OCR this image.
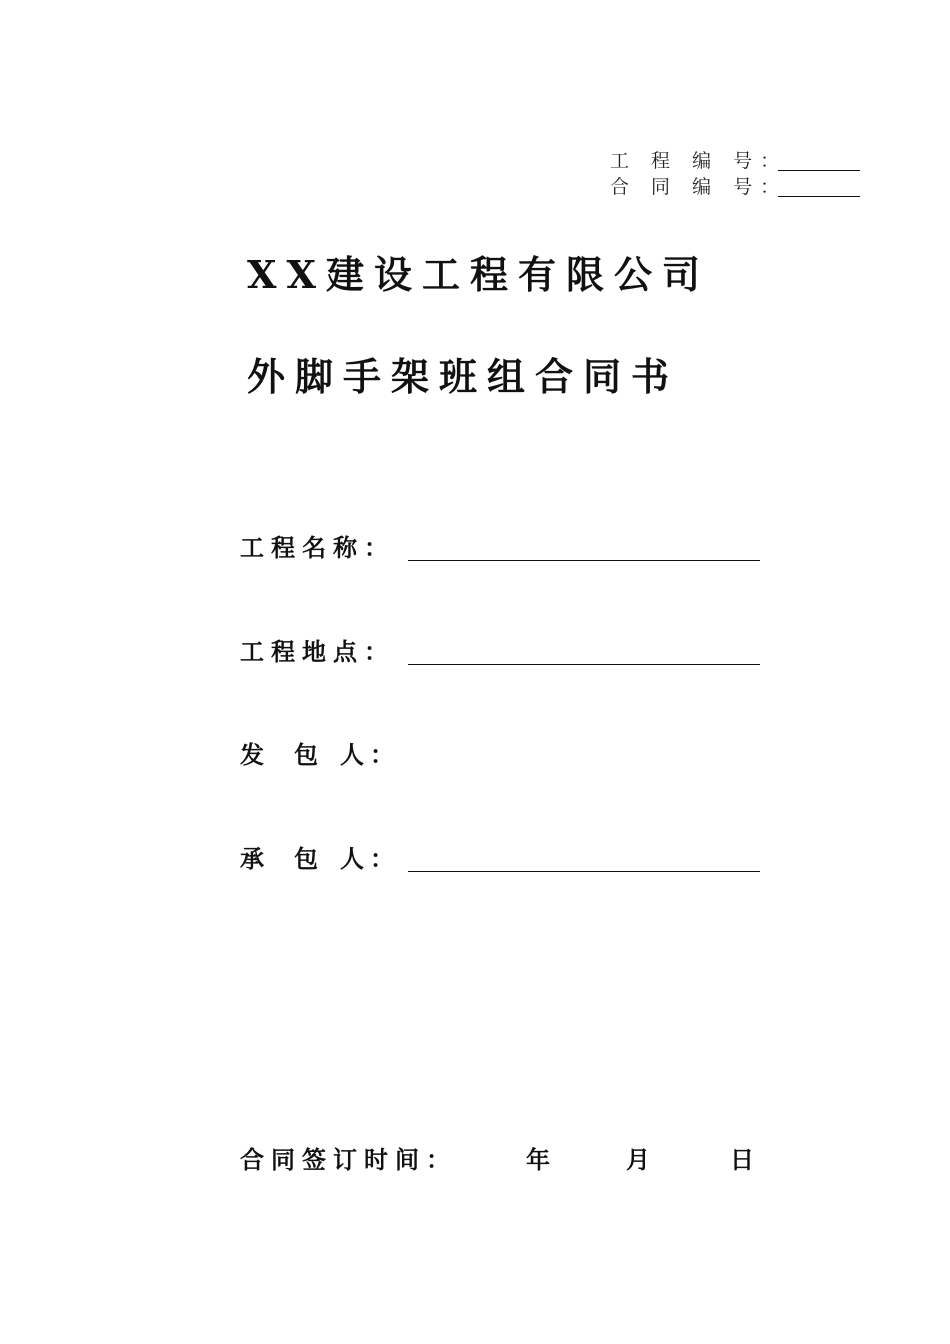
工 程 编 号：
合 同 编 号：
XX建设工程有限公司
外脚手架班组合同书
工程名称：
工程地点：
发 包 人 ：
承 包 人 ：
合同签订时间：	年	月	日
